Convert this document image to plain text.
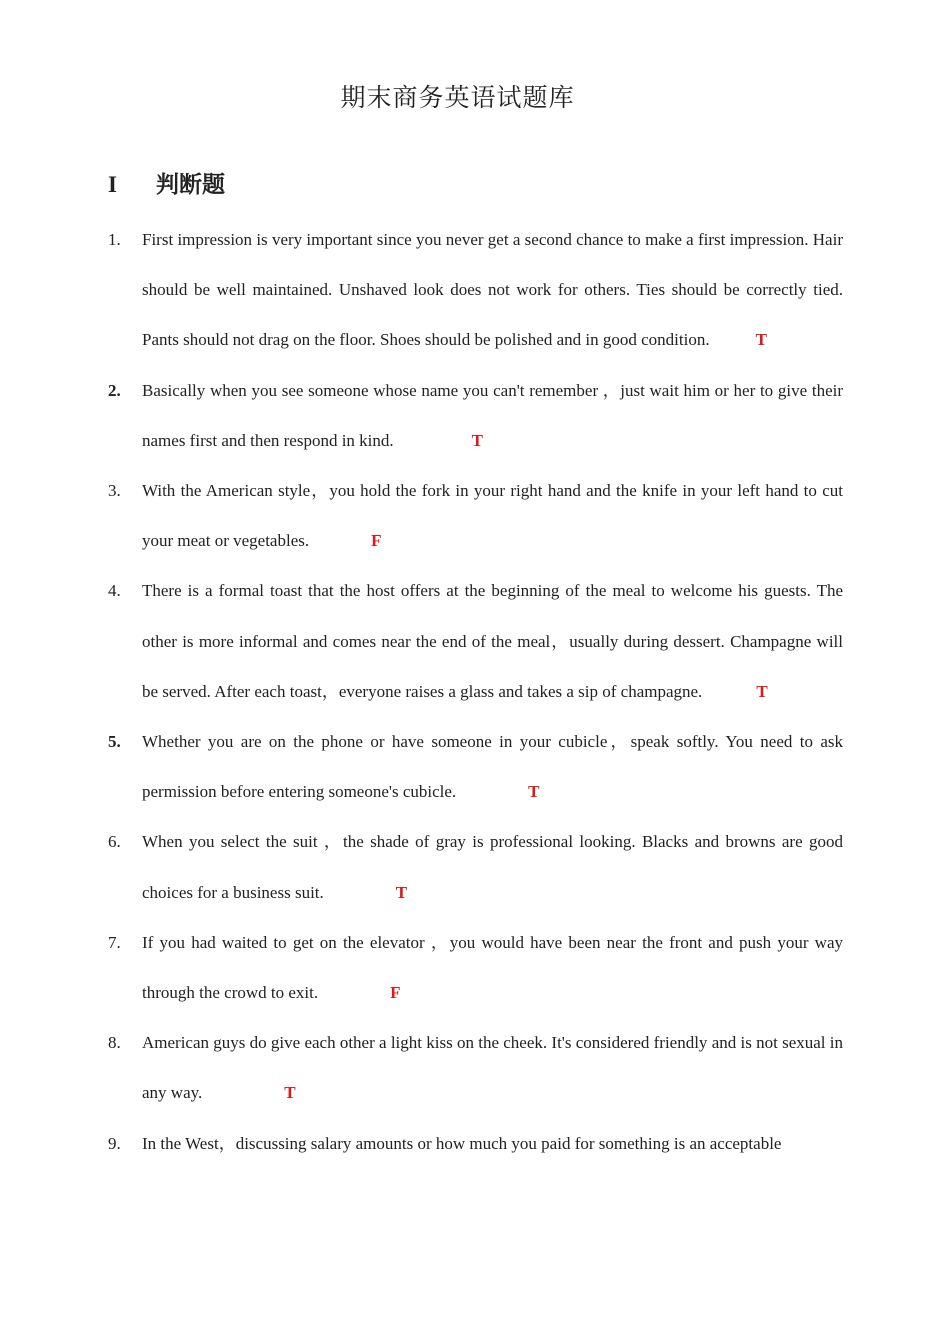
期末商务英语试题库
I	判断题
1.	First impression is very important since you never get a second chance to make a first impression. Hair should be well maintained. Unshaved look does not work for others. Ties should be correctly tied. Pants should not drag on the floor. Shoes should be polished and in good condition.	T
2.	Basically when you see someone whose name you can't remember ，just wait him or her to give their names first and then respond in kind.	T
3.	With the American style，you hold the fork in your right hand and the knife in your left hand to cut your meat or vegetables.	F
4.	There is a formal toast that the host offers at the beginning of the meal to welcome his guests. The other is more informal and comes near the end of the meal，usually during dessert. Champagne will be served. After each toast，everyone raises a glass and takes a sip of champagne.	T
5.	Whether you are on the phone or have someone in your cubicle，speak softly. You need to ask permission before entering someone's cubicle.	T
6.	When you select the suit ，the shade of gray is professional looking. Blacks and browns are good choices for a business suit.	T
7.	If you had waited to get on the elevator ，you would have been near the front and push your way through the crowd to exit.	F
8.	American guys do give each other a light kiss on the cheek. It's considered friendly and is not sexual in any way.	T
9.	In the West，discussing salary amounts or how much you paid for something is an acceptable
